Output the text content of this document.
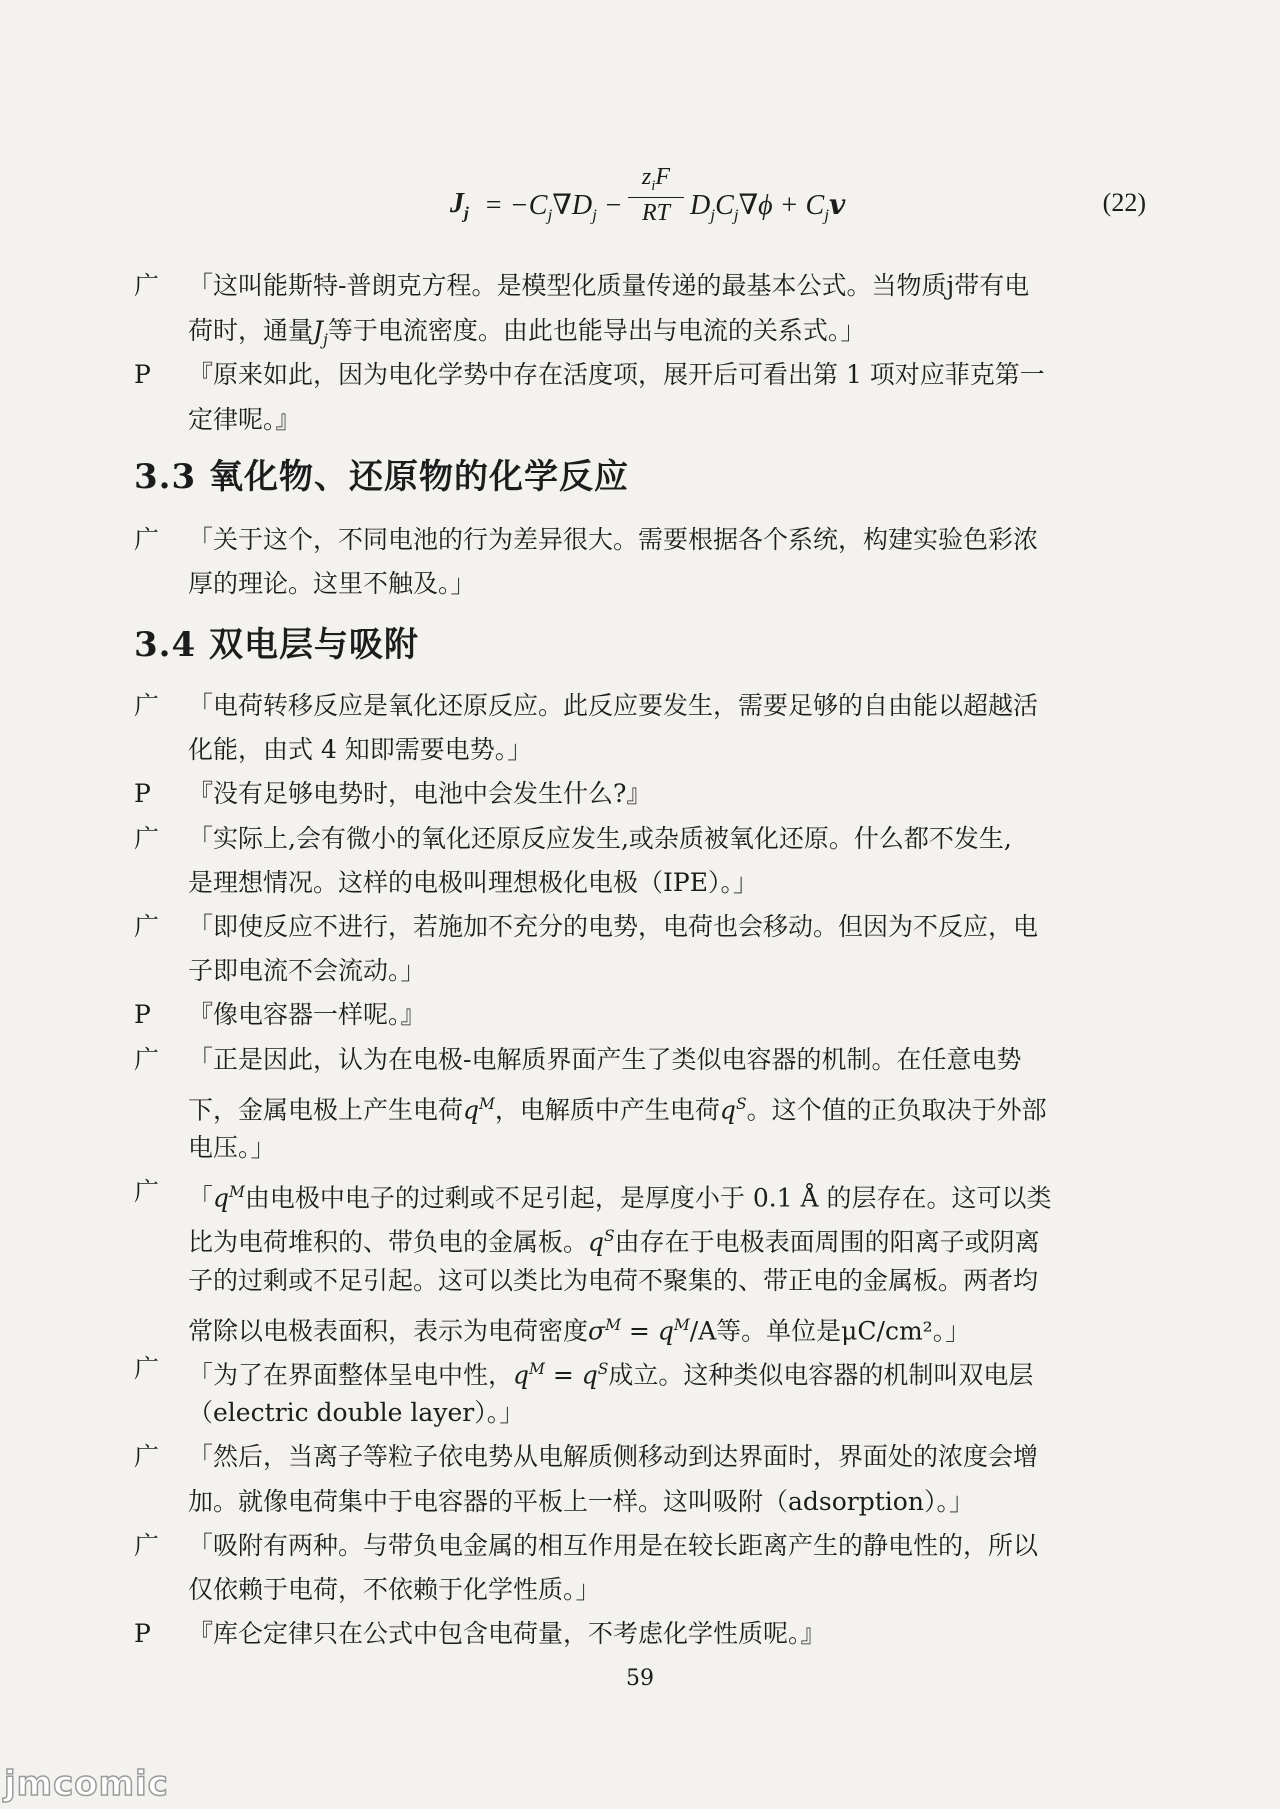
$J_j = -C_j\nabla D_j$ −
$z_iF$
RT $D_jC_j\nabla\phi$ + $C_j𝒗$	(22)
广	「这叫能斯特-普朗克方程。是模型化质量传递的最基本公式。当物质j带有电
荷时，通量$J_j$等于电流密度。由此也能导出与电流的关系式。」
P	『原来如此，因为电化学势中存在活度项，展开后可看出第 1 项对应菲克第一
定律呢。』
3.3 氧化物、还原物的化学反应
广	「关于这个，不同电池的行为差异很大。需要根据各个系统，构建实验色彩浓
厚的理论。这里不触及。」
3.4 双电层与吸附
广	「电荷转移反应是氧化还原反应。此反应要发生，需要足够的自由能以超越活
化能，由式 4 知即需要电势。」
P	『没有足够电势时，电池中会发生什么?』
广	「实际上,会有微小的氧化还原反应发生,或杂质被氧化还原。什么都不发生,
是理想情况。这样的电极叫理想极化电极（IPE）。」
广	「即使反应不进行，若施加不充分的电势，电荷也会移动。但因为不反应，电
子即电流不会流动。」
P	『像电容器一样呢。』
广	「正是因此，认为在电极-电解质界面产生了类似电容器的机制。在任意电势
下，金属电极上产生电荷$q^M$，电解质中产生电荷$q^S$。这个值的正负取决于外部
电压。」
广	「$q^M$由电极中电子的过剩或不足引起，是厚度小于 0.1 Å 的层存在。这可以类
比为电荷堆积的、带负电的金属板。$q^S$由存在于电极表面周围的阳离子或阴离
子的过剩或不足引起。这可以类比为电荷不聚集的、带正电的金属板。两者均
常除以电极表面积，表示为电荷密度$\sigma^M = q^M/A$等。单位是μC/cm²。」
广	「为了在界面整体呈电中性，$q^M = q^S$成立。这种类似电容器的机制叫双电层
（electric double layer）。」
广	「然后，当离子等粒子依电势从电解质侧移动到达界面时，界面处的浓度会增
加。就像电荷集中于电容器的平板上一样。这叫吸附（adsorption）。」
广	「吸附有两种。与带负电金属的相互作用是在较长距离产生的静电性的，所以
仅依赖于电荷，不依赖于化学性质。」
P	『库仑定律只在公式中包含电荷量，不考虑化学性质呢。』
59
jmcomic
